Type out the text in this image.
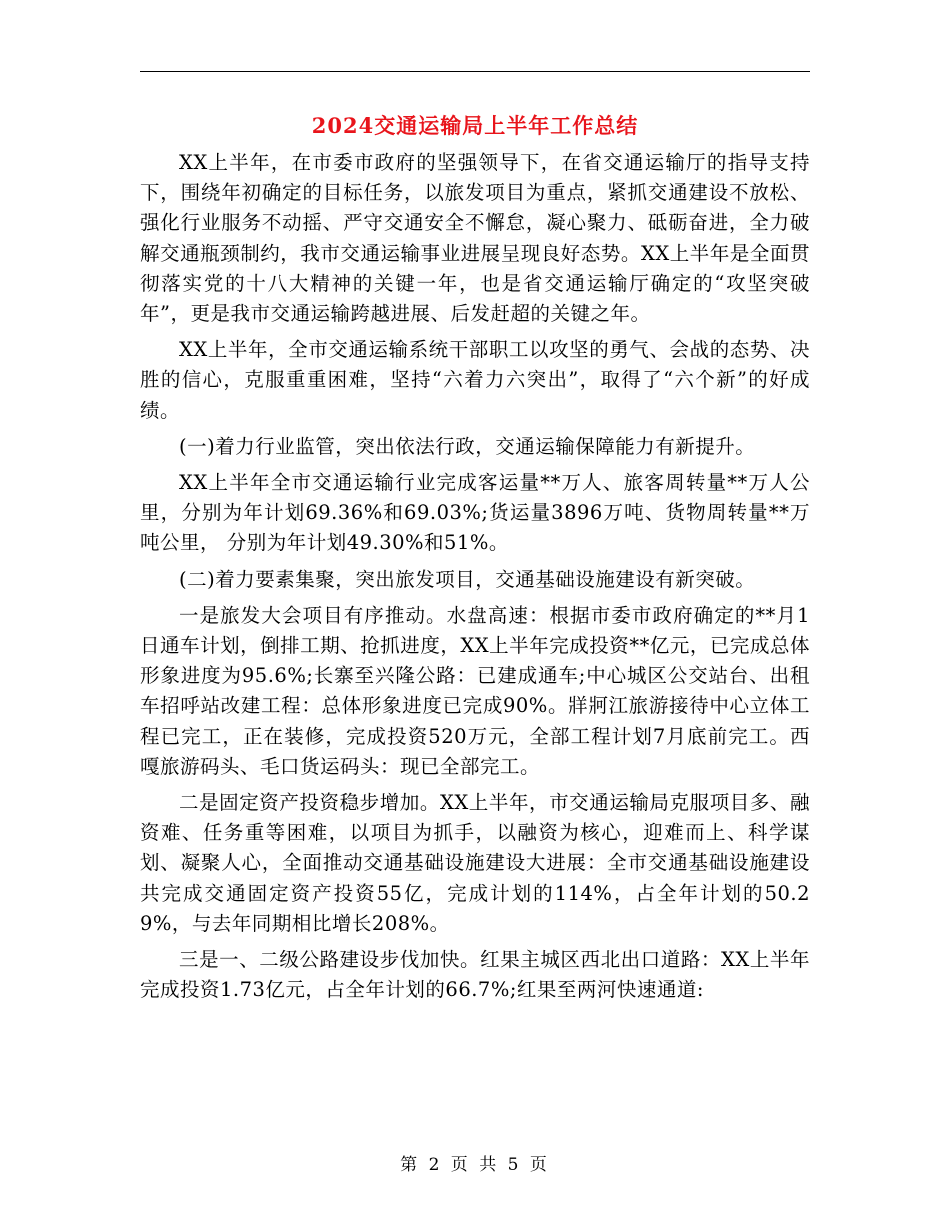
2024交通运输局上半年工作总结

XX上半年，在市委市政府的坚强领导下，在省交通运输厅的指导支持下，围绕年初确定的目标任务，以旅发项目为重点，紧抓交通建设不放松、强化行业服务不动摇、严守交通安全不懈怠，凝心聚力、砥砺奋进，全力破解交通瓶颈制约，我市交通运输事业进展呈现良好态势。XX上半年是全面贯彻落实党的十八大精神的关键一年，也是省交通运输厅确定的“攻坚突破年”，更是我市交通运输跨越进展、后发赶超的关键之年。

XX上半年，全市交通运输系统干部职工以攻坚的勇气、会战的态势、决胜的信心，克服重重困难，坚持“六着力六突出”，取得了“六个新”的好成绩。

(一)着力行业监管，突出依法行政，交通运输保障能力有新提升。

XX上半年全市交通运输行业完成客运量**万人、旅客周转量**万人公里，分别为年计划69.36%和69.03%;货运量3896万吨、货物周转量**万吨公里， 分别为年计划49.30%和51%。

(二)着力要素集聚，突出旅发项目，交通基础设施建设有新突破。

一是旅发大会项目有序推动。水盘高速：根据市委市政府确定的**月1日通车计划，倒排工期、抢抓进度，XX上半年完成投资**亿元，已完成总体形象进度为95.6%;长寨至兴隆公路：已建成通车;中心城区公交站台、出租车招呼站改建工程：总体形象进度已完成90%。牂牁江旅游接待中心立体工程已完工，正在装修，完成投资520万元，全部工程计划7月底前完工。西嘎旅游码头、毛口货运码头：现已全部完工。

二是固定资产投资稳步增加。XX上半年，市交通运输局克服项目多、融资难、任务重等困难，以项目为抓手，以融资为核心，迎难而上、科学谋划、凝聚人心，全面推动交通基础设施建设大进展：全市交通基础设施建设共完成交通固定资产投资55亿，完成计划的114%，占全年计划的50.29%，与去年同期相比增长208%。

三是一、二级公路建设步伐加快。红果主城区西北出口道路：XX上半年完成投资1.73亿元，占全年计划的66.7%;红果至两河快速通道:

第 2 页 共 5 页
